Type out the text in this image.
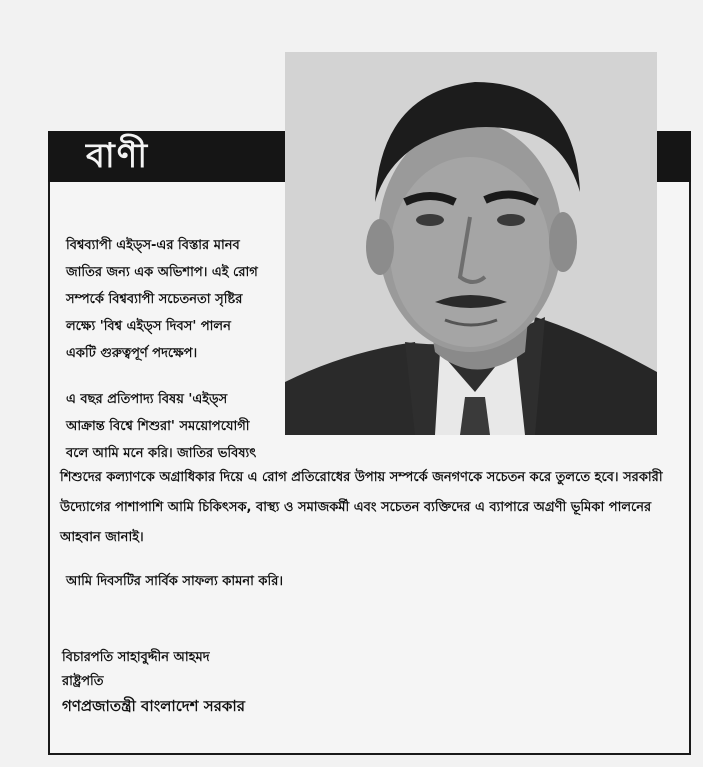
বাণী

বিশ্বব্যাপী এইড্স-এর বিস্তার মানব
জাতির জন্য এক অভিশাপ। এই রোগ
সম্পর্কে বিশ্বব্যাপী সচেতনতা সৃষ্টির
লক্ষ্যে 'বিশ্ব এইড্স দিবস' পালন
একটি গুরুত্বপূর্ণ পদক্ষেপ।

এ বছর প্রতিপাদ্য বিষয় 'এইড্স
আক্রান্ত বিশ্বে শিশুরা' সময়োপযোগী
বলে আমি মনে করি। জাতির ভবিষ্যৎ

শিশুদের কল্যাণকে অগ্রাধিকার দিয়ে এ রোগ প্রতিরোধের উপায় সম্পর্কে জনগণকে সচেতন করে তুলতে হবে। সরকারী
উদ্যোগের পাশাপাশি আমি চিকিৎসক, বাস্থ্য ও সমাজকর্মী এবং সচেতন ব্যক্তিদের এ ব্যাপারে অগ্রণী ভূমিকা পালনের
আহবান জানাই।

আমি দিবসটির সার্বিক সাফল্য কামনা করি।

বিচারপতি সাহাবুদ্দীন আহমদ

রাষ্ট্রপতি

গণপ্রজাতন্ত্রী বাংলাদেশ সরকার
